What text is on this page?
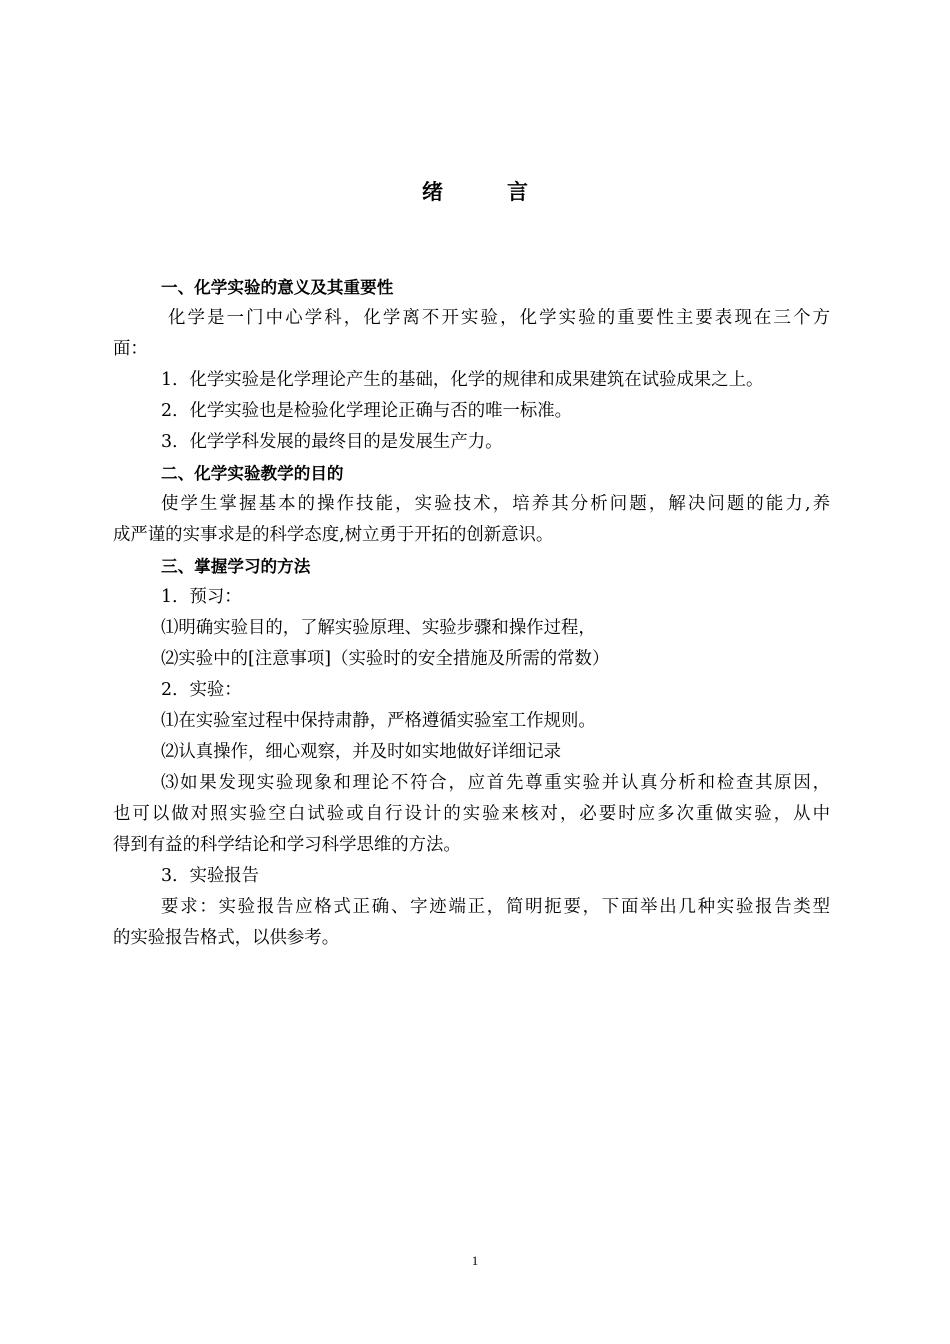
绪言
一、化学实验的意义及其重要性
化学是一门中心学科，化学离不开实验，化学实验的重要性主要表现在三个方
面：
1．化学实验是化学理论产生的基础，化学的规律和成果建筑在试验成果之上。
2．化学实验也是检验化学理论正确与否的唯一标准。
3．化学学科发展的最终目的是发展生产力。
二、化学实验教学的目的
使学生掌握基本的操作技能，实验技术，培养其分析问题，解决问题的能力,养
成严谨的实事求是的科学态度,树立勇于开拓的创新意识。
三、掌握学习的方法
1．预习：
⑴明确实验目的，了解实验原理、实验步骤和操作过程，
⑵实验中的[注意事项]（实验时的安全措施及所需的常数）
2．实验：
⑴在实验室过程中保持肃静，严格遵循实验室工作规则。
⑵认真操作，细心观察，并及时如实地做好详细记录
⑶如果发现实验现象和理论不符合，应首先尊重实验并认真分析和检查其原因，
也可以做对照实验空白试验或自行设计的实验来核对，必要时应多次重做实验，从中
得到有益的科学结论和学习科学思维的方法。
3．实验报告
要求：实验报告应格式正确、字迹端正，简明扼要，下面举出几种实验报告类型
的实验报告格式，以供参考。
1
